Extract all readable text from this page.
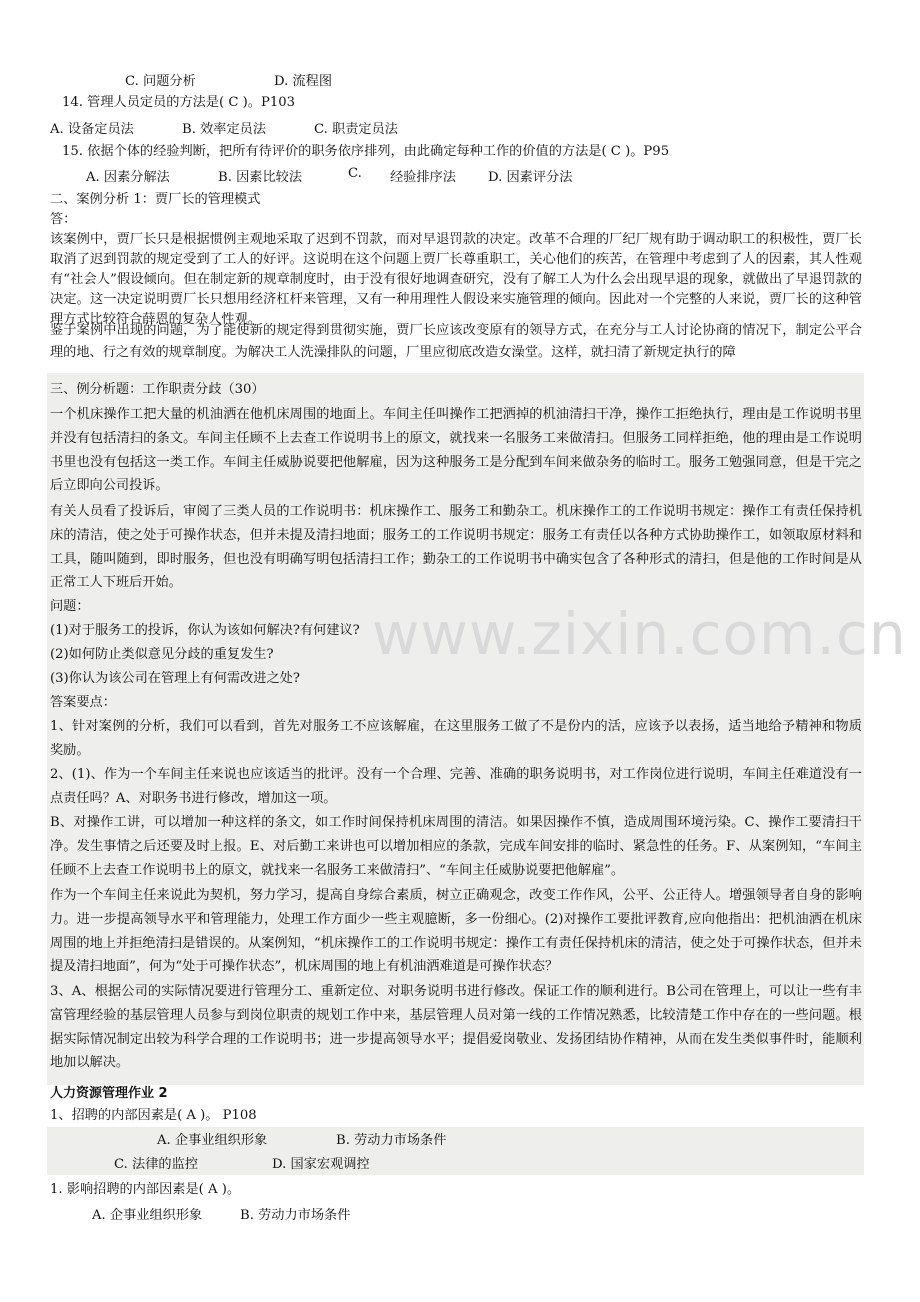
C. 问题分析	D. 流程图
14. 管理人员定员的方法是( C )。P103
A. 设备定员法	B. 效率定员法	C. 职责定员法
15. 依据个体的经验判断，把所有待评价的职务依序排列，由此确定每种工作的价值的方法是( C )。P95
A. 因素分解法	B. 因素比较法	C. 经验排序法 D. 因素评分法
二、案例分析 1：贾厂长的管理模式
答：
该案例中，贾厂长只是根据惯例主观地采取了迟到不罚款，而对早退罚款的决定。改革不合理的厂纪厂规有助于调动职工的积极性，贾厂长取消了迟到罚款的规定受到了工人的好评。这说明在这个问题上贾厂长尊重职工，关心他们的疾苦，在管理中考虑到了人的因素，其人性观有“社会人”假设倾向。但在制定新的规章制度时，由于没有很好地调查研究，没有了解工人为什么会出现早退的现象，就做出了早退罚款的决定。这一决定说明贾厂长只想用经济杠杆来管理，又有一种用理性人假设来实施管理的倾向。因此对一个完整的人来说，贾厂长的这种管理方式比较符合薛恩的复杂人性观。
鉴于案例中出现的问题，为了能使新的规定得到贯彻实施，贾厂长应该改变原有的领导方式，在充分与工人讨论协商的情况下，制定公平合理的地、行之有效的规章制度。为解决工人洗澡排队的问题，厂里应彻底改造女澡堂。这样，就扫清了新规定执行的障
三、例分析题：工作职责分歧（30）
一个机床操作工把大量的机油洒在他机床周围的地面上。车间主任叫操作工把洒掉的机油清扫干净，操作工拒绝执行，理由是工作说明书里并没有包括清扫的条文。车间主任顾不上去查工作说明书上的原文，就找来一名服务工来做清扫。但服务工同样拒绝，他的理由是工作说明书里也没有包括这一类工作。车间主任威胁说要把他解雇，因为这种服务工是分配到车间来做杂务的临时工。服务工勉强同意，但是干完之后立即向公司投诉。
有关人员看了投诉后，审阅了三类人员的工作说明书：机床操作工、服务工和勤杂工。机床操作工的工作说明书规定：操作工有责任保持机床的清洁，使之处于可操作状态，但并未提及清扫地面；服务工的工作说明书规定：服务工有责任以各种方式协助操作工，如领取原材料和工具，随叫随到，即时服务，但也没有明确写明包括清扫工作；勤杂工的工作说明书中确实包含了各种形式的清扫，但是他的工作时间是从正常工人下班后开始。
问题：
(1)对于服务工的投诉，你认为该如何解决?有何建议?
(2)如何防止类似意见分歧的重复发生?
(3)你认为该公司在管理上有何需改进之处?
答案要点：
1、针对案例的分析，我们可以看到，首先对服务工不应该解雇，在这里服务工做了不是份内的活，应该予以表扬，适当地给予精神和物质奖励。
2、(1)、作为一个车间主任来说也应该适当的批评。没有一个合理、完善、准确的职务说明书，对工作岗位进行说明，车间主任难道没有一点责任吗？A、对职务书进行修改，增加这一项。
B、对操作工讲，可以增加一种这样的条文，如工作时间保持机床周围的清洁。如果因操作不慎，造成周围环境污染。C、操作工要清扫干净。发生事情之后还要及时上报。E、对后勤工来讲也可以增加相应的条款，完成车间安排的临时、紧急性的任务。F、从案例知，“车间主任顾不上去查工作说明书上的原文，就找来一名服务工来做清扫”、“车间主任威胁说要把他解雇”。
作为一个车间主任来说此为契机，努力学习，提高自身综合素质，树立正确观念，改变工作作风，公平、公正待人。增强领导者自身的影响力。进一步提高领导水平和管理能力，处理工作方面少一些主观臆断，多一份细心。(2)对操作工要批评教育,应向他指出：把机油洒在机床周围的地上并拒绝清扫是错误的。从案例知，“机床操作工的工作说明书规定：操作工有责任保持机床的清洁，使之处于可操作状态，但并未提及清扫地面”，何为“处于可操作状态”，机床周围的地上有机油洒难道是可操作状态？
3、A、根据公司的实际情况要进行管理分工、重新定位、对职务说明书进行修改。保证工作的顺利进行。B公司在管理上，可以让一些有丰富管理经验的基层管理人员参与到岗位职责的规划工作中来，基层管理人员对第一线的工作情况熟悉，比较清楚工作中存在的一些问题。根据实际情况制定出较为科学合理的工作说明书；进一步提高领导水平；提倡爱岗敬业、发扬团结协作精神，从而在发生类似事件时，能顺利地加以解决。
人力资源管理作业 2
1、招聘的内部因素是( A )。 P108
A. 企事业组织形象	B. 劳动力市场条件
C. 法律的监控	D. 国家宏观调控
1. 影响招聘的内部因素是( A )。
A. 企事业组织形象	B. 劳动力市场条件
www.zixin.com.cn
